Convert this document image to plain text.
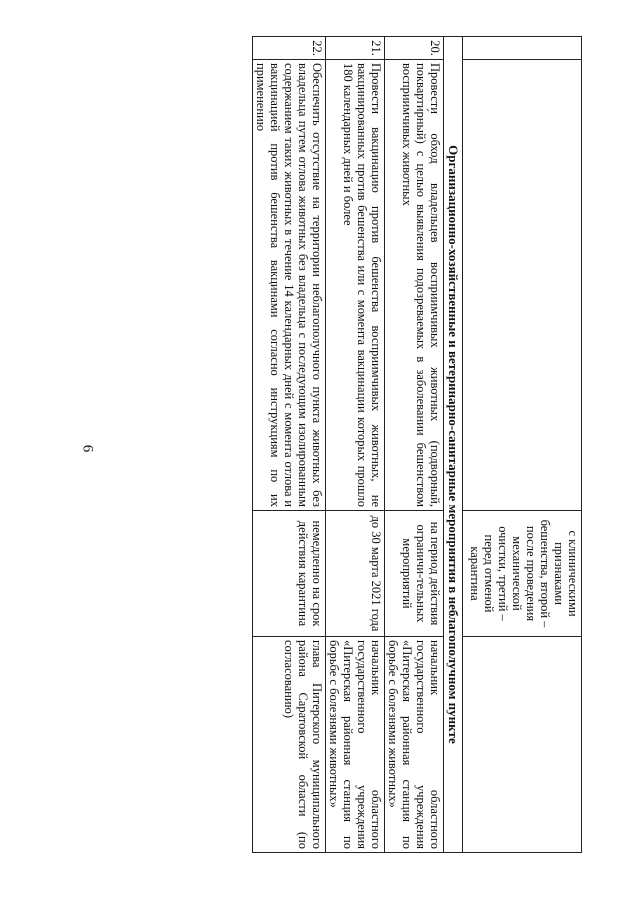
6
		с клиническими признаками бешенства, второй – после проведения механической очистки, третий – перед отменой карантина	
Организационно-хозяйственные и ветеринарно-санитарные мероприятия в неблагополучном пункте			
20.	Провести обход владельцев восприимчивых животных (подворный, покварти́рный) с целью выявления подозреваемых в заболевании бешенством восприимчивых животных	на период действия ограничи-тельных мероприятий	начальник областного государственного учреждения «Питерская районная станция по борьбе с болезнями животных»
21.	Провести вакцинацию против бешенства восприимчивых животных, не вакцинированных против бешенства или с момента вакцинации которых прошло 180 календарных дней и более	до 30 марта 2021 года	начальник областного государственного учреждения «Питерская районная станция по борьбе с болезнями животных»
22.	Обеспечить отсутствие на территории неблагополучного пункта животных без владельца путем отлова животных без владельца с последующим изолированным содержанием таких животных в течение 14 календарных дней с момента отлова и вакцинацией против бешенства вакцинами согласно инструкциям по их применению	немедленно на срок действия карантина	глава Питерского муниципального района Саратовской области (по согласованию)
